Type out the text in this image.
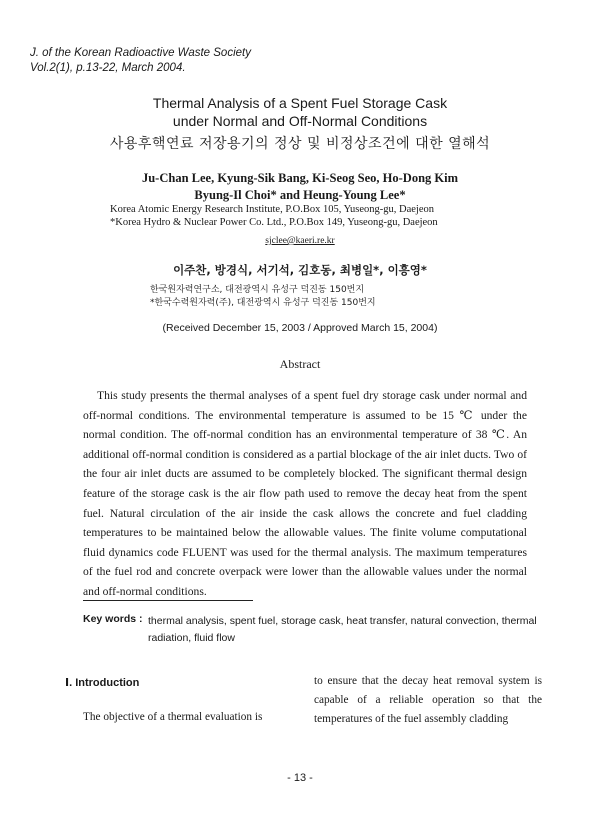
J. of the Korean Radioactive Waste Society
Vol.2(1), p.13-22, March 2004.
Thermal Analysis of a Spent Fuel Storage Cask
under Normal and Off-Normal Conditions
사용후핵연료 저장용기의 정상 및 비정상조건에 대한 열해석
Ju-Chan Lee, Kyung-Sik Bang, Ki-Seog Seo, Ho-Dong Kim
Byung-Il Choi* and Heung-Young Lee*
Korea Atomic Energy Research Institute, P.O.Box 105, Yuseong-gu, Daejeon
*Korea Hydro & Nuclear Power Co. Ltd., P.O.Box 149, Yuseong-gu, Daejeon
sjclee@kaeri.re.kr
이주찬, 방경식, 서기석, 김호동, 최병일*, 이흥영*
한국원자력연구소, 대전광역시 유성구 덕진동 150번지
*한국수력원자력(주), 대전광역시 유성구 덕진동 150번지
(Received December 15, 2003 / Approved March 15, 2004)
Abstract

This study presents the thermal analyses of a spent fuel dry storage cask under normal and off-normal conditions. The environmental temperature is assumed to be 15 ℃ under the normal condition. The off-normal condition has an environmental temperature of 38 ℃. An additional off-normal condition is considered as a partial blockage of the air inlet ducts. Two of the four air inlet ducts are assumed to be completely blocked. The significant thermal design feature of the storage cask is the air flow path used to remove the decay heat from the spent fuel. Natural circulation of the air inside the cask allows the concrete and fuel cladding temperatures to be maintained below the allowable values. The finite volume computational fluid dynamics code FLUENT was used for the thermal analysis. The maximum temperatures of the fuel rod and concrete overpack were lower than the allowable values under the normal and off-normal conditions.

Key words : thermal analysis, spent fuel, storage cask, heat transfer, natural convection, thermal radiation, fluid flow
Ⅰ. Introduction

The objective of a thermal evaluation is

to ensure that the decay heat removal system is capable of a reliable operation so that the temperatures of the fuel assembly cladding

- 13 -
